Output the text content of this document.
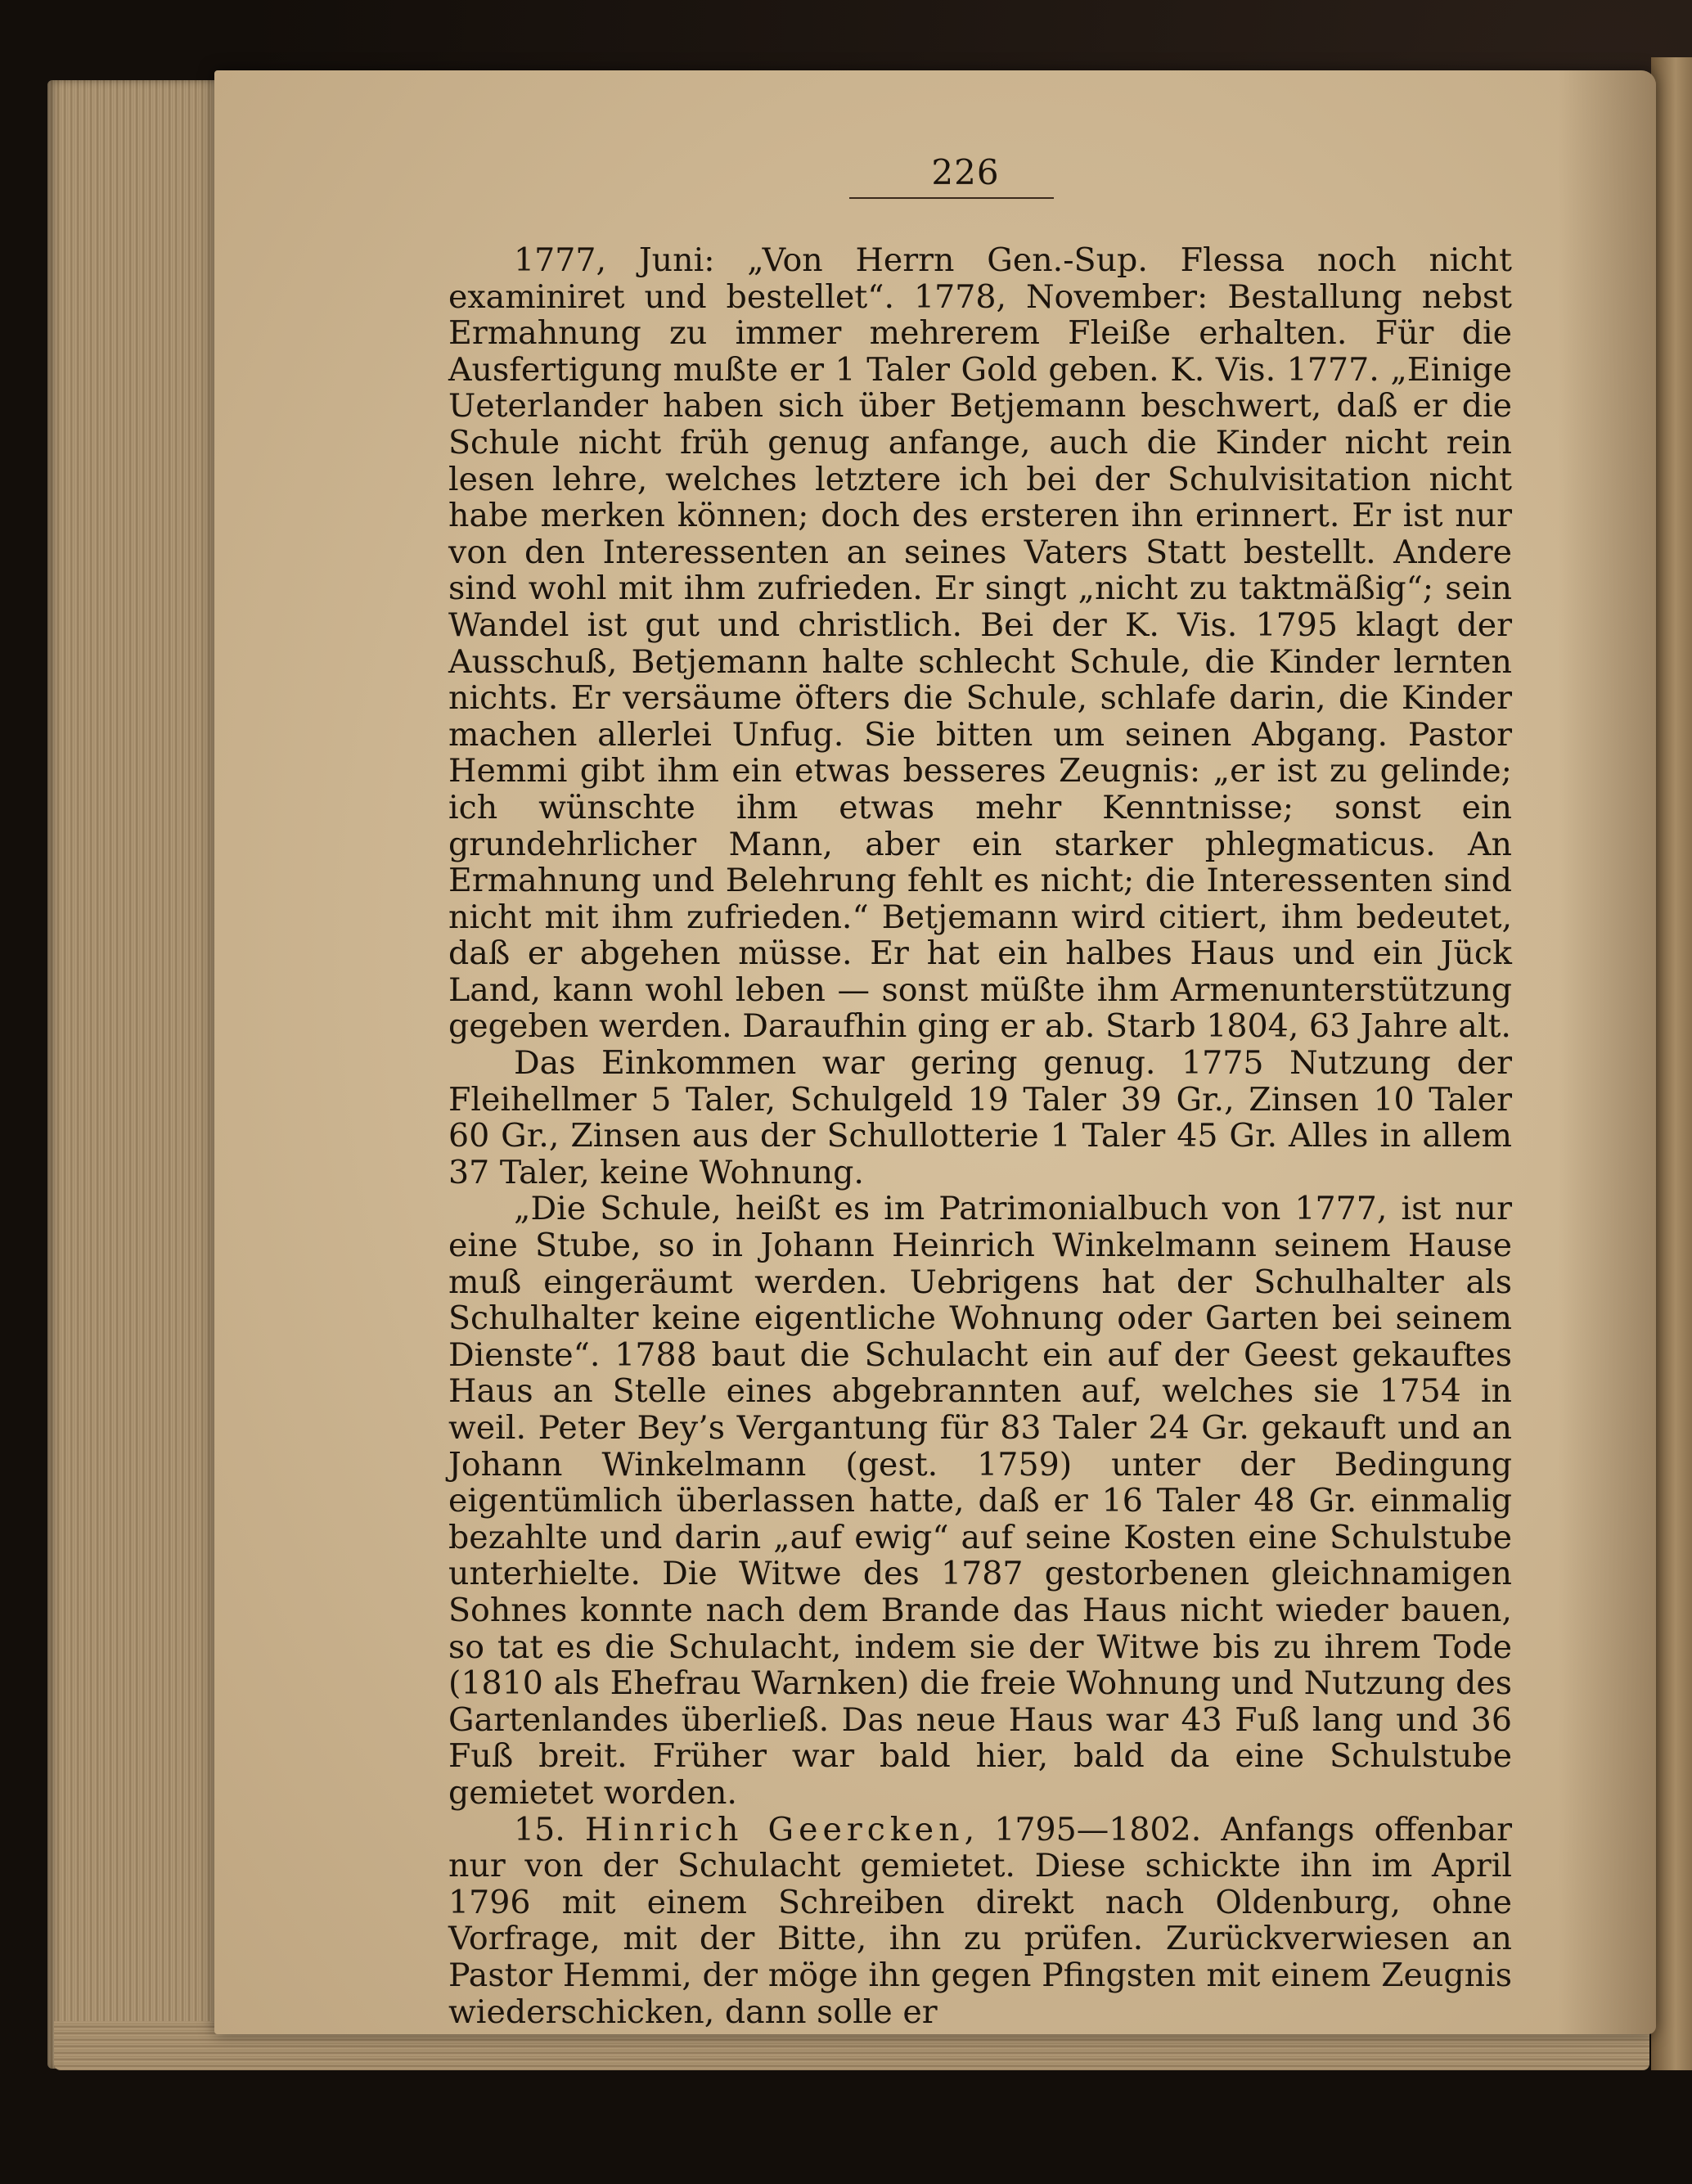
226

1777, Juni: „Von Herrn Gen.-Sup. Flessa noch nicht examiniret und bestellet“. 1778, November: Bestallung nebst Ermahnung zu immer mehrerem Fleiße erhalten. Für die Ausfertigung mußte er 1 Taler Gold geben. K. Vis. 1777. „Einige Ueterlander haben sich über Betjemann beschwert, daß er die Schule nicht früh genug anfange, auch die Kinder nicht rein lesen lehre, welches letztere ich bei der Schulvisitation nicht habe merken können; doch des ersteren ihn erinnert. Er ist nur von den Interessenten an seines Vaters Statt bestellt. Andere sind wohl mit ihm zufrieden. Er singt „nicht zu taktmäßig“; sein Wandel ist gut und christlich. Bei der K. Vis. 1795 klagt der Ausschuß, Betjemann halte schlecht Schule, die Kinder lernten nichts. Er versäume öfters die Schule, schlafe darin, die Kinder machen allerlei Unfug. Sie bitten um seinen Abgang. Pastor Hemmi gibt ihm ein etwas besseres Zeugnis: „er ist zu gelinde; ich wünschte ihm etwas mehr Kenntnisse; sonst ein grundehrlicher Mann, aber ein starker phlegmaticus. An Ermahnung und Belehrung fehlt es nicht; die Interessenten sind nicht mit ihm zufrieden.“ Betjemann wird citiert, ihm bedeutet, daß er abgehen müsse. Er hat ein halbes Haus und ein Jück Land, kann wohl leben — sonst müßte ihm Armenunterstützung gegeben werden. Daraufhin ging er ab. Starb 1804, 63 Jahre alt.

Das Einkommen war gering genug. 1775 Nutzung der Fleihellmer 5 Taler, Schulgeld 19 Taler 39 Gr., Zinsen 10 Taler 60 Gr., Zinsen aus der Schullotterie 1 Taler 45 Gr. Alles in allem 37 Taler, keine Wohnung.

„Die Schule, heißt es im Patrimonialbuch von 1777, ist nur eine Stube, so in Johann Heinrich Winkelmann seinem Hause muß eingeräumt werden. Uebrigens hat der Schulhalter als Schulhalter keine eigentliche Wohnung oder Garten bei seinem Dienste“. 1788 baut die Schulacht ein auf der Geest gekauftes Haus an Stelle eines abgebrannten auf, welches sie 1754 in weil. Peter Bey’s Vergantung für 83 Taler 24 Gr. gekauft und an Johann Winkelmann (gest. 1759) unter der Bedingung eigentümlich überlassen hatte, daß er 16 Taler 48 Gr. einmalig bezahlte und darin „auf ewig“ auf seine Kosten eine Schulstube unterhielte. Die Witwe des 1787 gestorbenen gleichnamigen Sohnes konnte nach dem Brande das Haus nicht wieder bauen, so tat es die Schulacht, indem sie der Witwe bis zu ihrem Tode (1810 als Ehefrau Warnken) die freie Wohnung und Nutzung des Gartenlandes überließ. Das neue Haus war 43 Fuß lang und 36 Fuß breit. Früher war bald hier, bald da eine Schulstube gemietet worden.

15. Hinrich Geercken, 1795—1802. Anfangs offenbar nur von der Schulacht gemietet. Diese schickte ihn im April 1796 mit einem Schreiben direkt nach Oldenburg, ohne Vorfrage, mit der Bitte, ihn zu prüfen. Zurückverwiesen an Pastor Hemmi, der möge ihn gegen Pfingsten mit einem Zeugnis wiederschicken, dann solle er
